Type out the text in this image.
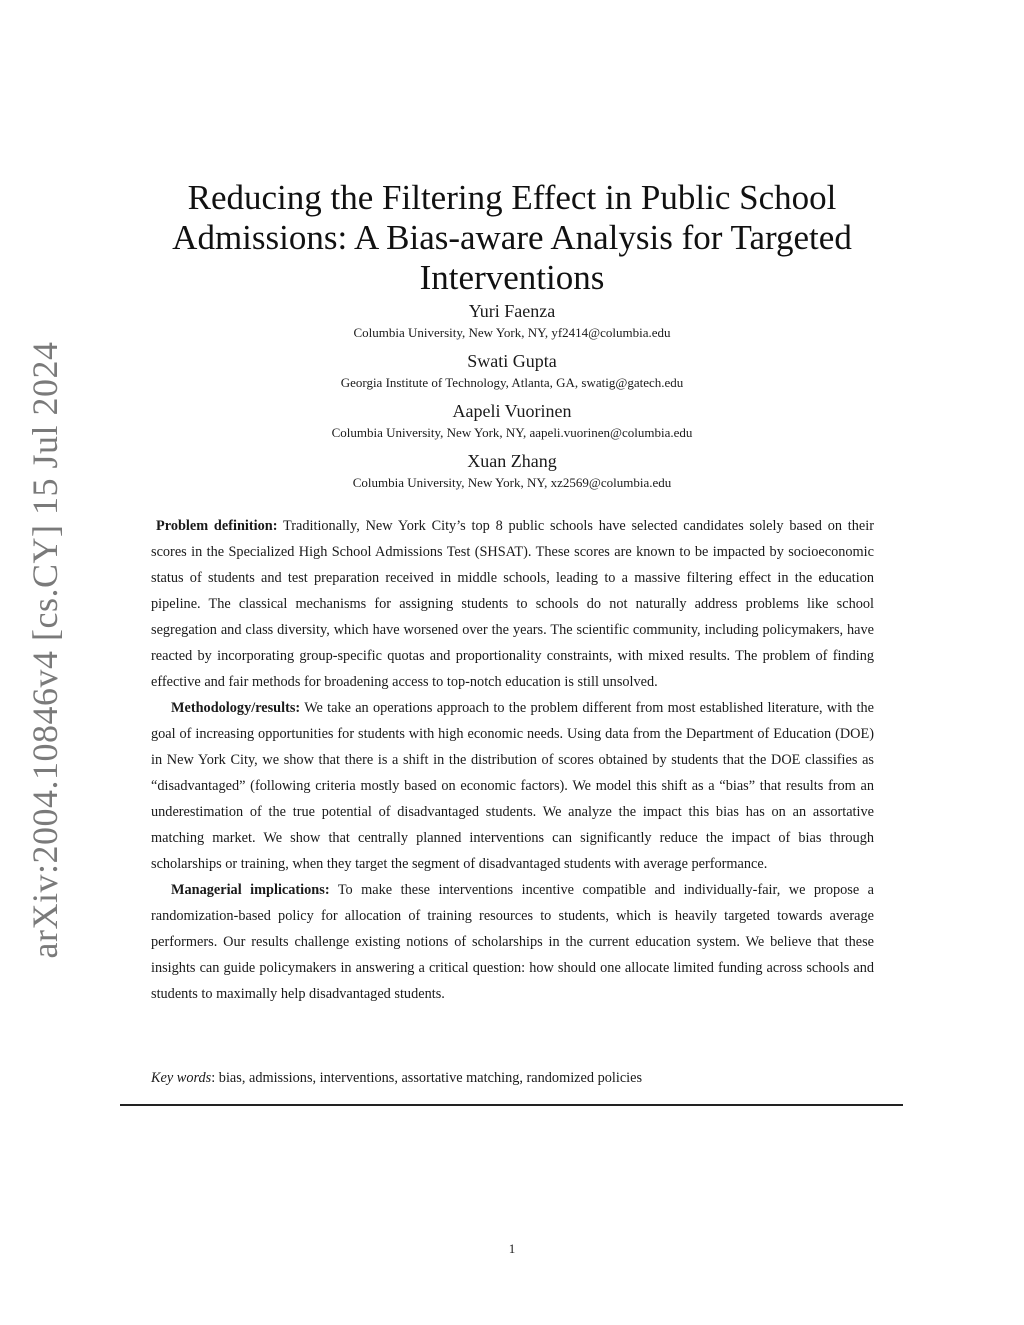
arXiv:2004.10846v4 [cs.CY] 15 Jul 2024
Reducing the Filtering Effect in Public School Admissions: A Bias-aware Analysis for Targeted Interventions
Yuri Faenza
Columbia University, New York, NY, yf2414@columbia.edu
Swati Gupta
Georgia Institute of Technology, Atlanta, GA, swatig@gatech.edu
Aapeli Vuorinen
Columbia University, New York, NY, aapeli.vuorinen@columbia.edu
Xuan Zhang
Columbia University, New York, NY, xz2569@columbia.edu

Problem definition: Traditionally, New York City’s top 8 public schools have selected candidates solely based on their scores in the Specialized High School Admissions Test (SHSAT). These scores are known to be impacted by socioeconomic status of students and test preparation received in middle schools, leading to a massive filtering effect in the education pipeline. The classical mechanisms for assigning students to schools do not naturally address problems like school segregation and class diversity, which have worsened over the years. The scientific community, including policymakers, have reacted by incorporating group-specific quotas and proportionality constraints, with mixed results. The problem of finding effective and fair methods for broadening access to top-notch education is still unsolved.

Methodology/results: We take an operations approach to the problem different from most established literature, with the goal of increasing opportunities for students with high economic needs. Using data from the Department of Education (DOE) in New York City, we show that there is a shift in the distribution of scores obtained by students that the DOE classifies as “disadvantaged” (following criteria mostly based on economic factors). We model this shift as a “bias” that results from an underestimation of the true potential of disadvantaged students. We analyze the impact this bias has on an assortative matching market. We show that centrally planned interventions can significantly reduce the impact of bias through scholarships or training, when they target the segment of disadvantaged students with average performance.

Managerial implications: To make these interventions incentive compatible and individually-fair, we propose a randomization-based policy for allocation of training resources to students, which is heavily targeted towards average performers. Our results challenge existing notions of scholarships in the current education system. We believe that these insights can guide policymakers in answering a critical question: how should one allocate limited funding across schools and students to maximally help disadvantaged students.

Key words: bias, admissions, interventions, assortative matching, randomized policies
1
